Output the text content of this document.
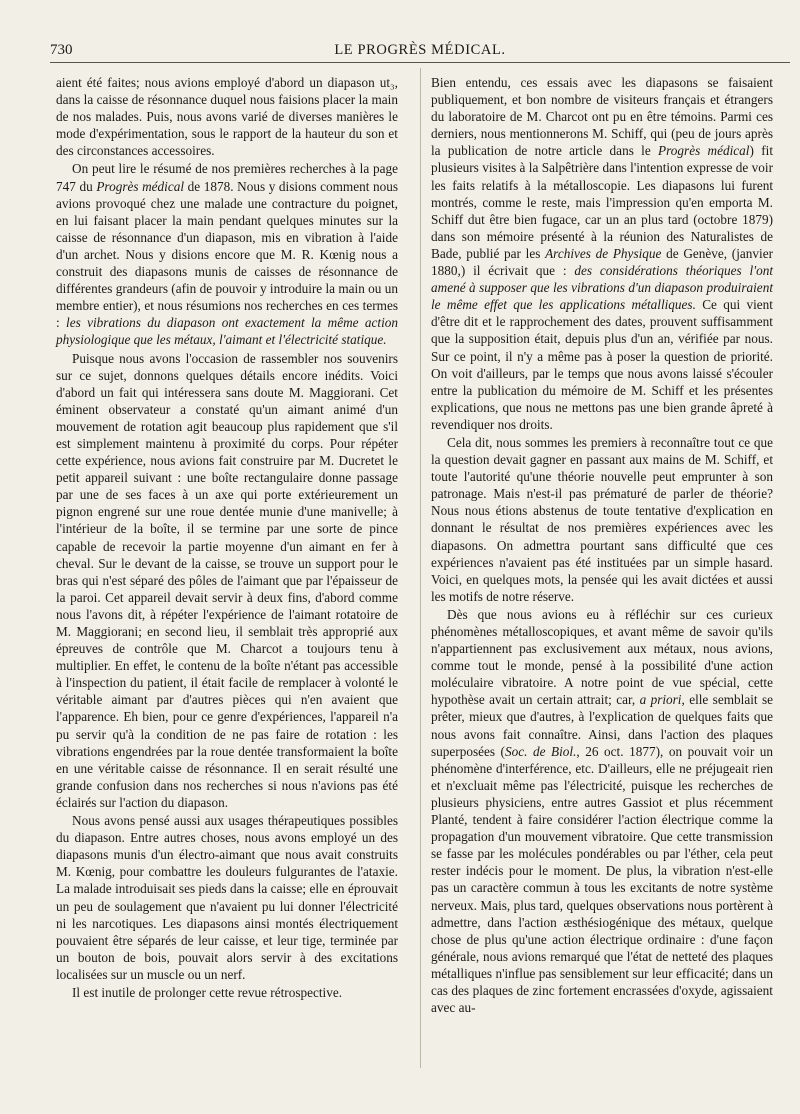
730	LE PROGRÈS MÉDICAL.

aient été faites; nous avions employé d'abord un diapason ut₃, dans la caisse de résonnance duquel nous faisions placer la main de nos malades. Puis, nous avons varié de diverses manières le mode d'expérimentation, sous le rapport de la hauteur du son et des circonstances accessoires.

On peut lire le résumé de nos premières recherches à la page 747 du Progrès médical de 1878. Nous y disions comment nous avions provoqué chez une malade une contracture du poignet, en lui faisant placer la main pendant quelques minutes sur la caisse de résonnance d'un diapason, mis en vibration à l'aide d'un archet. Nous y disions encore que M. R. Kœnig nous a construit des diapasons munis de caisses de résonnance de différentes grandeurs (afin de pouvoir y introduire la main ou un membre entier), et nous résumions nos recherches en ces termes : les vibrations du diapason ont exactement la même action physiologique que les métaux, l'aimant et l'électricité statique.

Puisque nous avons l'occasion de rassembler nos souvenirs sur ce sujet, donnons quelques détails encore inédits. Voici d'abord un fait qui intéressera sans doute M. Maggiorani. Cet éminent observateur a constaté qu'un aimant animé d'un mouvement de rotation agit beaucoup plus rapidement que s'il est simplement maintenu à proximité du corps. Pour répéter cette expérience, nous avions fait construire par M. Ducretet le petit appareil suivant : une boîte rectangulaire donne passage par une de ses faces à un axe qui porte extérieurement un pignon engrené sur une roue dentée munie d'une manivelle; à l'intérieur de la boîte, il se termine par une sorte de pince capable de recevoir la partie moyenne d'un aimant en fer à cheval. Sur le devant de la caisse, se trouve un support pour le bras qui n'est séparé des pôles de l'aimant que par l'épaisseur de la paroi. Cet appareil devait servir à deux fins, d'abord comme nous l'avons dit, à répéter l'expérience de l'aimant rotatoire de M. Maggiorani; en second lieu, il semblait très approprié aux épreuves de contrôle que M. Charcot a toujours tenu à multiplier. En effet, le contenu de la boîte n'étant pas accessible à l'inspection du patient, il était facile de remplacer à volonté le véritable aimant par d'autres pièces qui n'en avaient que l'apparence. Eh bien, pour ce genre d'expériences, l'appareil n'a pu servir qu'à la condition de ne pas faire de rotation : les vibrations engendrées par la roue dentée transformaient la boîte en une véritable caisse de résonnance. Il en serait résulté une grande confusion dans nos recherches si nous n'avions pas été éclairés sur l'action du diapason.

Nous avons pensé aussi aux usages thérapeutiques possibles du diapason. Entre autres choses, nous avons employé un des diapasons munis d'un électro-aimant que nous avait construits M. Kœnig, pour combattre les douleurs fulgurantes de l'ataxie. La malade introduisait ses pieds dans la caisse; elle en éprouvait un peu de soulagement que n'avaient pu lui donner l'électricité ni les narcotiques. Les diapasons ainsi montés électriquement pouvaient être séparés de leur caisse, et leur tige, terminée par un bouton de bois, pouvait alors servir à des excitations localisées sur un muscle ou un nerf.

Il est inutile de prolonger cette revue rétrospective.

Bien entendu, ces essais avec les diapasons se faisaient publiquement, et bon nombre de visiteurs français et étrangers du laboratoire de M. Charcot ont pu en être témoins. Parmi ces derniers, nous mentionnerons M. Schiff, qui (peu de jours après la publication de notre article dans le Progrès médical) fit plusieurs visites à la Salpêtrière dans l'intention expresse de voir les faits relatifs à la métalloscopie. Les diapasons lui furent montrés, comme le reste, mais l'impression qu'en emporta M. Schiff dut être bien fugace, car un an plus tard (octobre 1879) dans son mémoire présenté à la réunion des Naturalistes de Bade, publié par les Archives de Physique de Genève, (janvier 1880,) il écrivait que : des considérations théoriques l'ont amené à supposer que les vibrations d'un diapason produiraient le même effet que les applications métalliques. Ce qui vient d'être dit et le rapprochement des dates, prouvent suffisamment que la supposition était, depuis plus d'un an, vérifiée par nous. Sur ce point, il n'y a même pas à poser la question de priorité. On voit d'ailleurs, par le temps que nous avons laissé s'écouler entre la publication du mémoire de M. Schiff et les présentes explications, que nous ne mettons pas une bien grande âpreté à revendiquer nos droits.

Cela dit, nous sommes les premiers à reconnaître tout ce que la question devait gagner en passant aux mains de M. Schiff, et toute l'autorité qu'une théorie nouvelle peut emprunter à son patronage. Mais n'est-il pas prématuré de parler de théorie? Nous nous étions abstenus de toute tentative d'explication en donnant le résultat de nos premières expériences avec les diapasons. On admettra pourtant sans difficulté que ces expériences n'avaient pas été instituées par un simple hasard. Voici, en quelques mots, la pensée qui les avait dictées et aussi les motifs de notre réserve.

Dès que nous avions eu à réfléchir sur ces curieux phénomènes métalloscopiques, et avant même de savoir qu'ils n'appartiennent pas exclusivement aux métaux, nous avions, comme tout le monde, pensé à la possibilité d'une action moléculaire vibratoire. A notre point de vue spécial, cette hypothèse avait un certain attrait; car, a priori, elle semblait se prêter, mieux que d'autres, à l'explication de quelques faits que nous avons fait connaître. Ainsi, dans l'action des plaques superposées (Soc. de Biol., 26 oct. 1877), on pouvait voir un phénomène d'interférence, etc. D'ailleurs, elle ne préjugeait rien et n'excluait même pas l'électricité, puisque les recherches de plusieurs physiciens, entre autres Gassiot et plus récemment Planté, tendent à faire considérer l'action électrique comme la propagation d'un mouvement vibratoire. Que cette transmission se fasse par les molécules pondérables ou par l'éther, cela peut rester indécis pour le moment. De plus, la vibration n'est-elle pas un caractère commun à tous les excitants de notre système nerveux. Mais, plus tard, quelques observations nous portèrent à admettre, dans l'action æsthésiogénique des métaux, quelque chose de plus qu'une action électrique ordinaire : d'une façon générale, nous avions remarqué que l'état de netteté des plaques métalliques n'influe pas sensiblement sur leur efficacité; dans un cas des plaques de zinc fortement encrassées d'oxyde, agissaient avec au-
